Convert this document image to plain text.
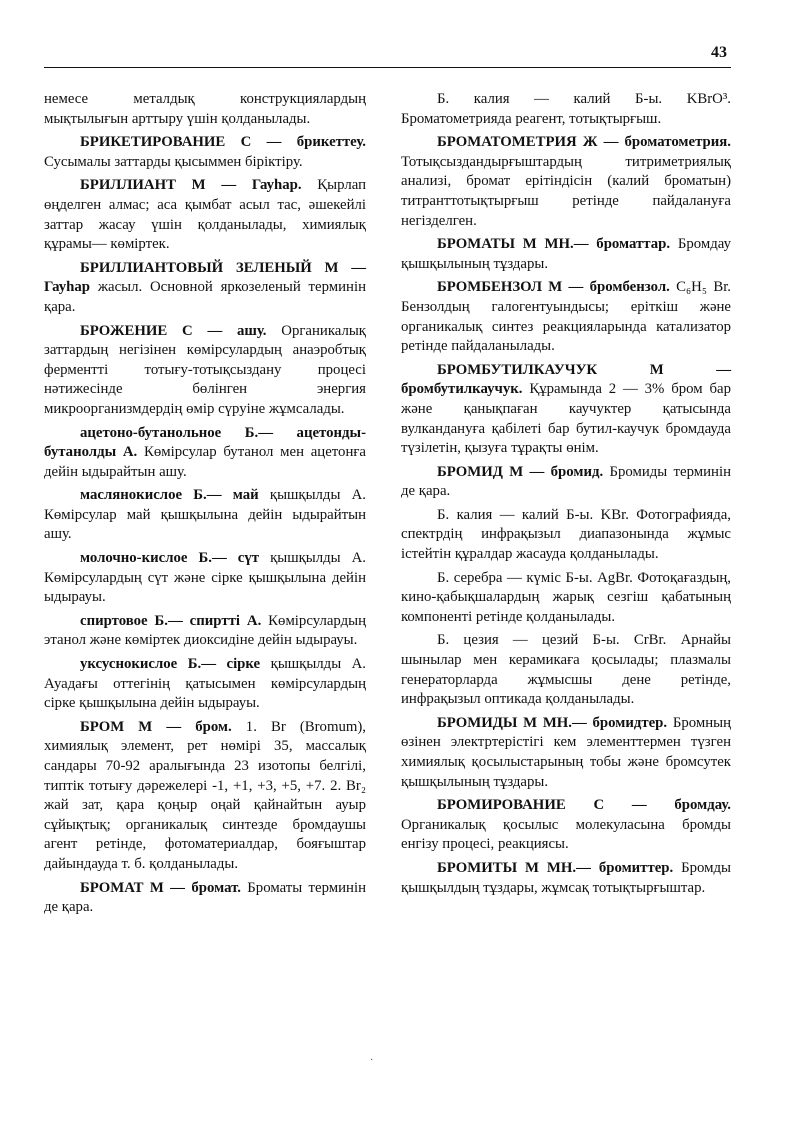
43

немесе металдық конструкциялардың мықтылығын арттыру үшін қолданылады.

БРИКЕТИРОВАНИЕ С — брикеттеу. Сусымалы заттарды қысыммен біріктіру.

БРИЛЛИАНТ М — Гауһар. Қырлап өңделген алмас; аса қымбат асыл тас, әшекейлі заттар жасау үшін қолданылады, химиялық құрамы— көміртек.

БРИЛЛИАНТОВЫЙ ЗЕЛЕНЫЙ М — Гауһар жасыл. Основной яркозеленый терминін қара.

БРОЖЕНИЕ С — ашу. Органикалық заттардың негізінен көмірсулардың анаэробтық ферментті тотығу-тотықсыздану процесі нәтижесінде бөлінген энергия микроорганизмдердің өмір сүруіне жұмсалады.

ацетоно-бутанольное Б.— ацетонды-бутанолды А. Көмірсулар бутанол мен ацетонға дейін ыдырайтын ашу.

маслянокислое Б.— май қышқылды А. Көмірсулар май қышқылына дейін ыдырайтын ашу.

молочно-кислое Б.— сүт қышқылды А. Көмірсулардың сүт және сірке қышқылына дейін ыдырауы.

спиртовое Б.— спиртті А. Көмірсулардың этанол және көміртек диоксидіне дейін ыдырауы.

уксуснокислое Б.— сірке қышқылды А. Ауадағы оттегінің қатысымен көмірсулардың сірке қышқылына дейін ыдырауы.

БРОМ М — бром. 1. Br (Bromum), химиялық элемент, рет нөмірі 35, массалық сандары 70-92 аралығында 23 изотопы белгілі, типтік тотығу дәрежелері -1, +1, +3, +5, +7. 2. Br₂ жай зат, қара қоңыр оңай қайнайтын ауыр сұйықтық; органикалық синтезде бромдаушы агент ретінде, фотоматериалдар, бояғыштар дайындауда т. б. қолданылады.

БРОМАТ М — бромат. Броматы терминін де қара.

Б. калия — калий Б-ы. KBrO³. Броматометрияда реагент, тотықтырғыш.

БРОМАТОМЕТРИЯ Ж — броматометрия. Тотықсыздандырғыштардың титриметриялық анализі, бромат ерітіндісін (калий броматын) титранттотықтырғыш ретінде пайдалануға негізделген.

БРОМАТЫ М МН.— броматтар. Бромдау қышқылының тұздары.

БРОМБЕНЗОЛ М — бромбензол. C₆H₅ Br. Бензолдың галогентуындысы; еріткіш және органикалық синтез реакцияларында катализатор ретінде пайдаланылады.

БРОМБУТИЛКАУЧУК М — бромбутилкаучук. Құрамында 2 — 3% бром бар және қанықпаған каучуктер қатысында вулкандануға қабілеті бар бутил-каучук бромдауда түзілетін, қызуға тұрақты өнім.

БРОМИД М — бромид. Бромиды терминін де қара.

Б. калия — калий Б-ы. KBr. Фотографияда, спектрдің инфрақызыл диапазонында жұмыс істейтін құралдар жасауда қолданылады.

Б. серебра — күміс Б-ы. AgBr. Фотоқағаздың, кино-қабықшалардың жарық сезгіш қабатының компоненті ретінде қолданылады.

Б. цезия — цезий Б-ы. CrBr. Арнайы шынылар мен керамикаға қосылады; плазмалы генераторларда жұмысшы дене ретінде, инфрақызыл оптикада қолданылады.

БРОМИДЫ М МН.— бромидтер. Бромның өзінен электртерістігі кем элементтермен түзген химиялық қосылыстарының тобы және бромсутек қышқылының тұздары.

БРОМИРОВАНИЕ С — бромдау. Органикалық қосылыс молекуласына бромды енгізу процесі, реакциясы.

БРОМИТЫ М МН.— бромиттер. Бромды қышқылдың тұздары, жұмсақ тотықтырғыштар.

·
